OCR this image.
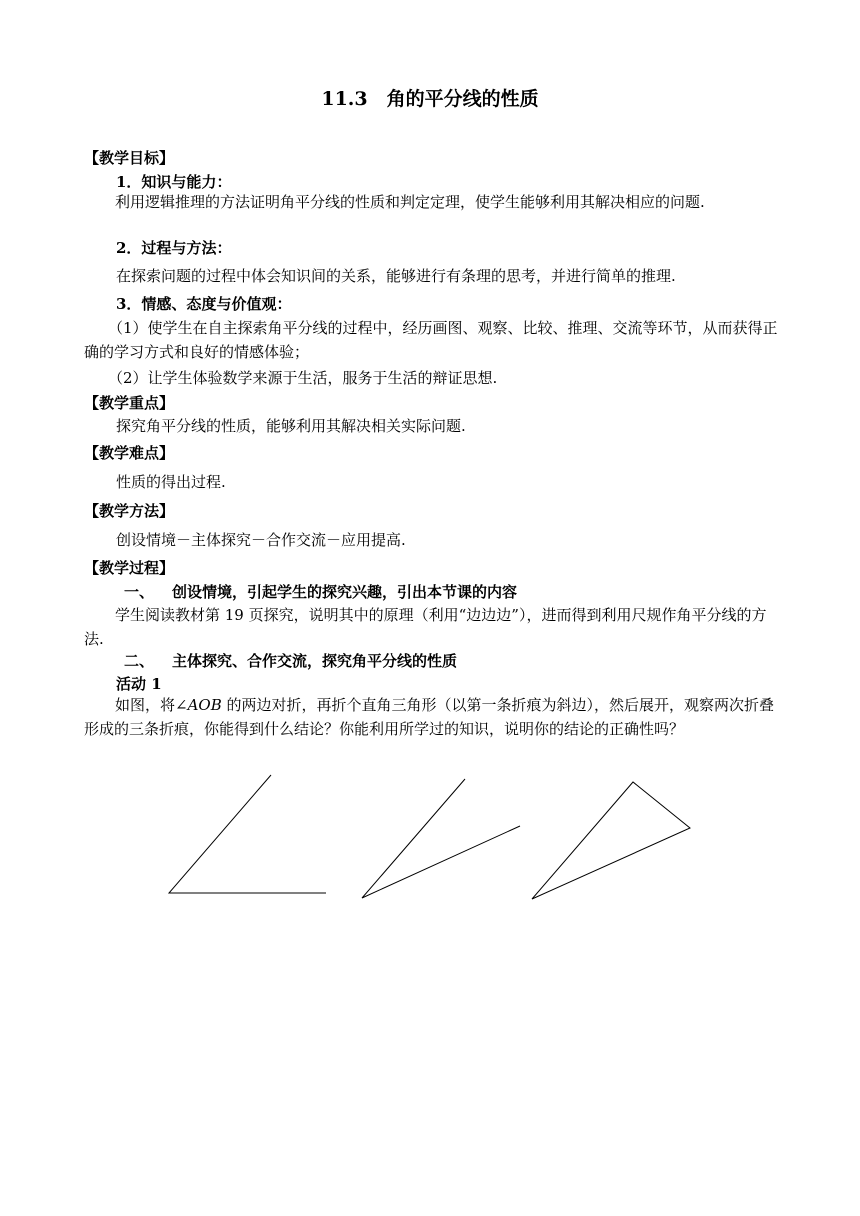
11.3　角的平分线的性质
【教学目标】
1．知识与能力：
利用逻辑推理的方法证明角平分线的性质和判定定理，使学生能够利用其解决相应的问题.
2．过程与方法：
在探索问题的过程中体会知识间的关系，能够进行有条理的思考，并进行简单的推理.
3．情感、态度与价值观：
（1）使学生在自主探索角平分线的过程中，经历画图、观察、比较、推理、交流等环节，从而获得正确的学习方式和良好的情感体验；
（2）让学生体验数学来源于生活，服务于生活的辩证思想.
【教学重点】
探究角平分线的性质，能够利用其解决相关实际问题.
【教学难点】
性质的得出过程.
【教学方法】
创设情境－主体探究－合作交流－应用提高.
【教学过程】
一、 创设情境，引起学生的探究兴趣，引出本节课的内容
学生阅读教材第 19 页探究，说明其中的原理（利用“边边边”），进而得到利用尺规作角平分线的方法.
二、 主体探究、合作交流，探究角平分线的性质
活动 1
如图，将∠AOB 的两边对折，再折个直角三角形（以第一条折痕为斜边），然后展开，观察两次折叠形成的三条折痕，你能得到什么结论？你能利用所学过的知识，说明你的结论的正确性吗？
